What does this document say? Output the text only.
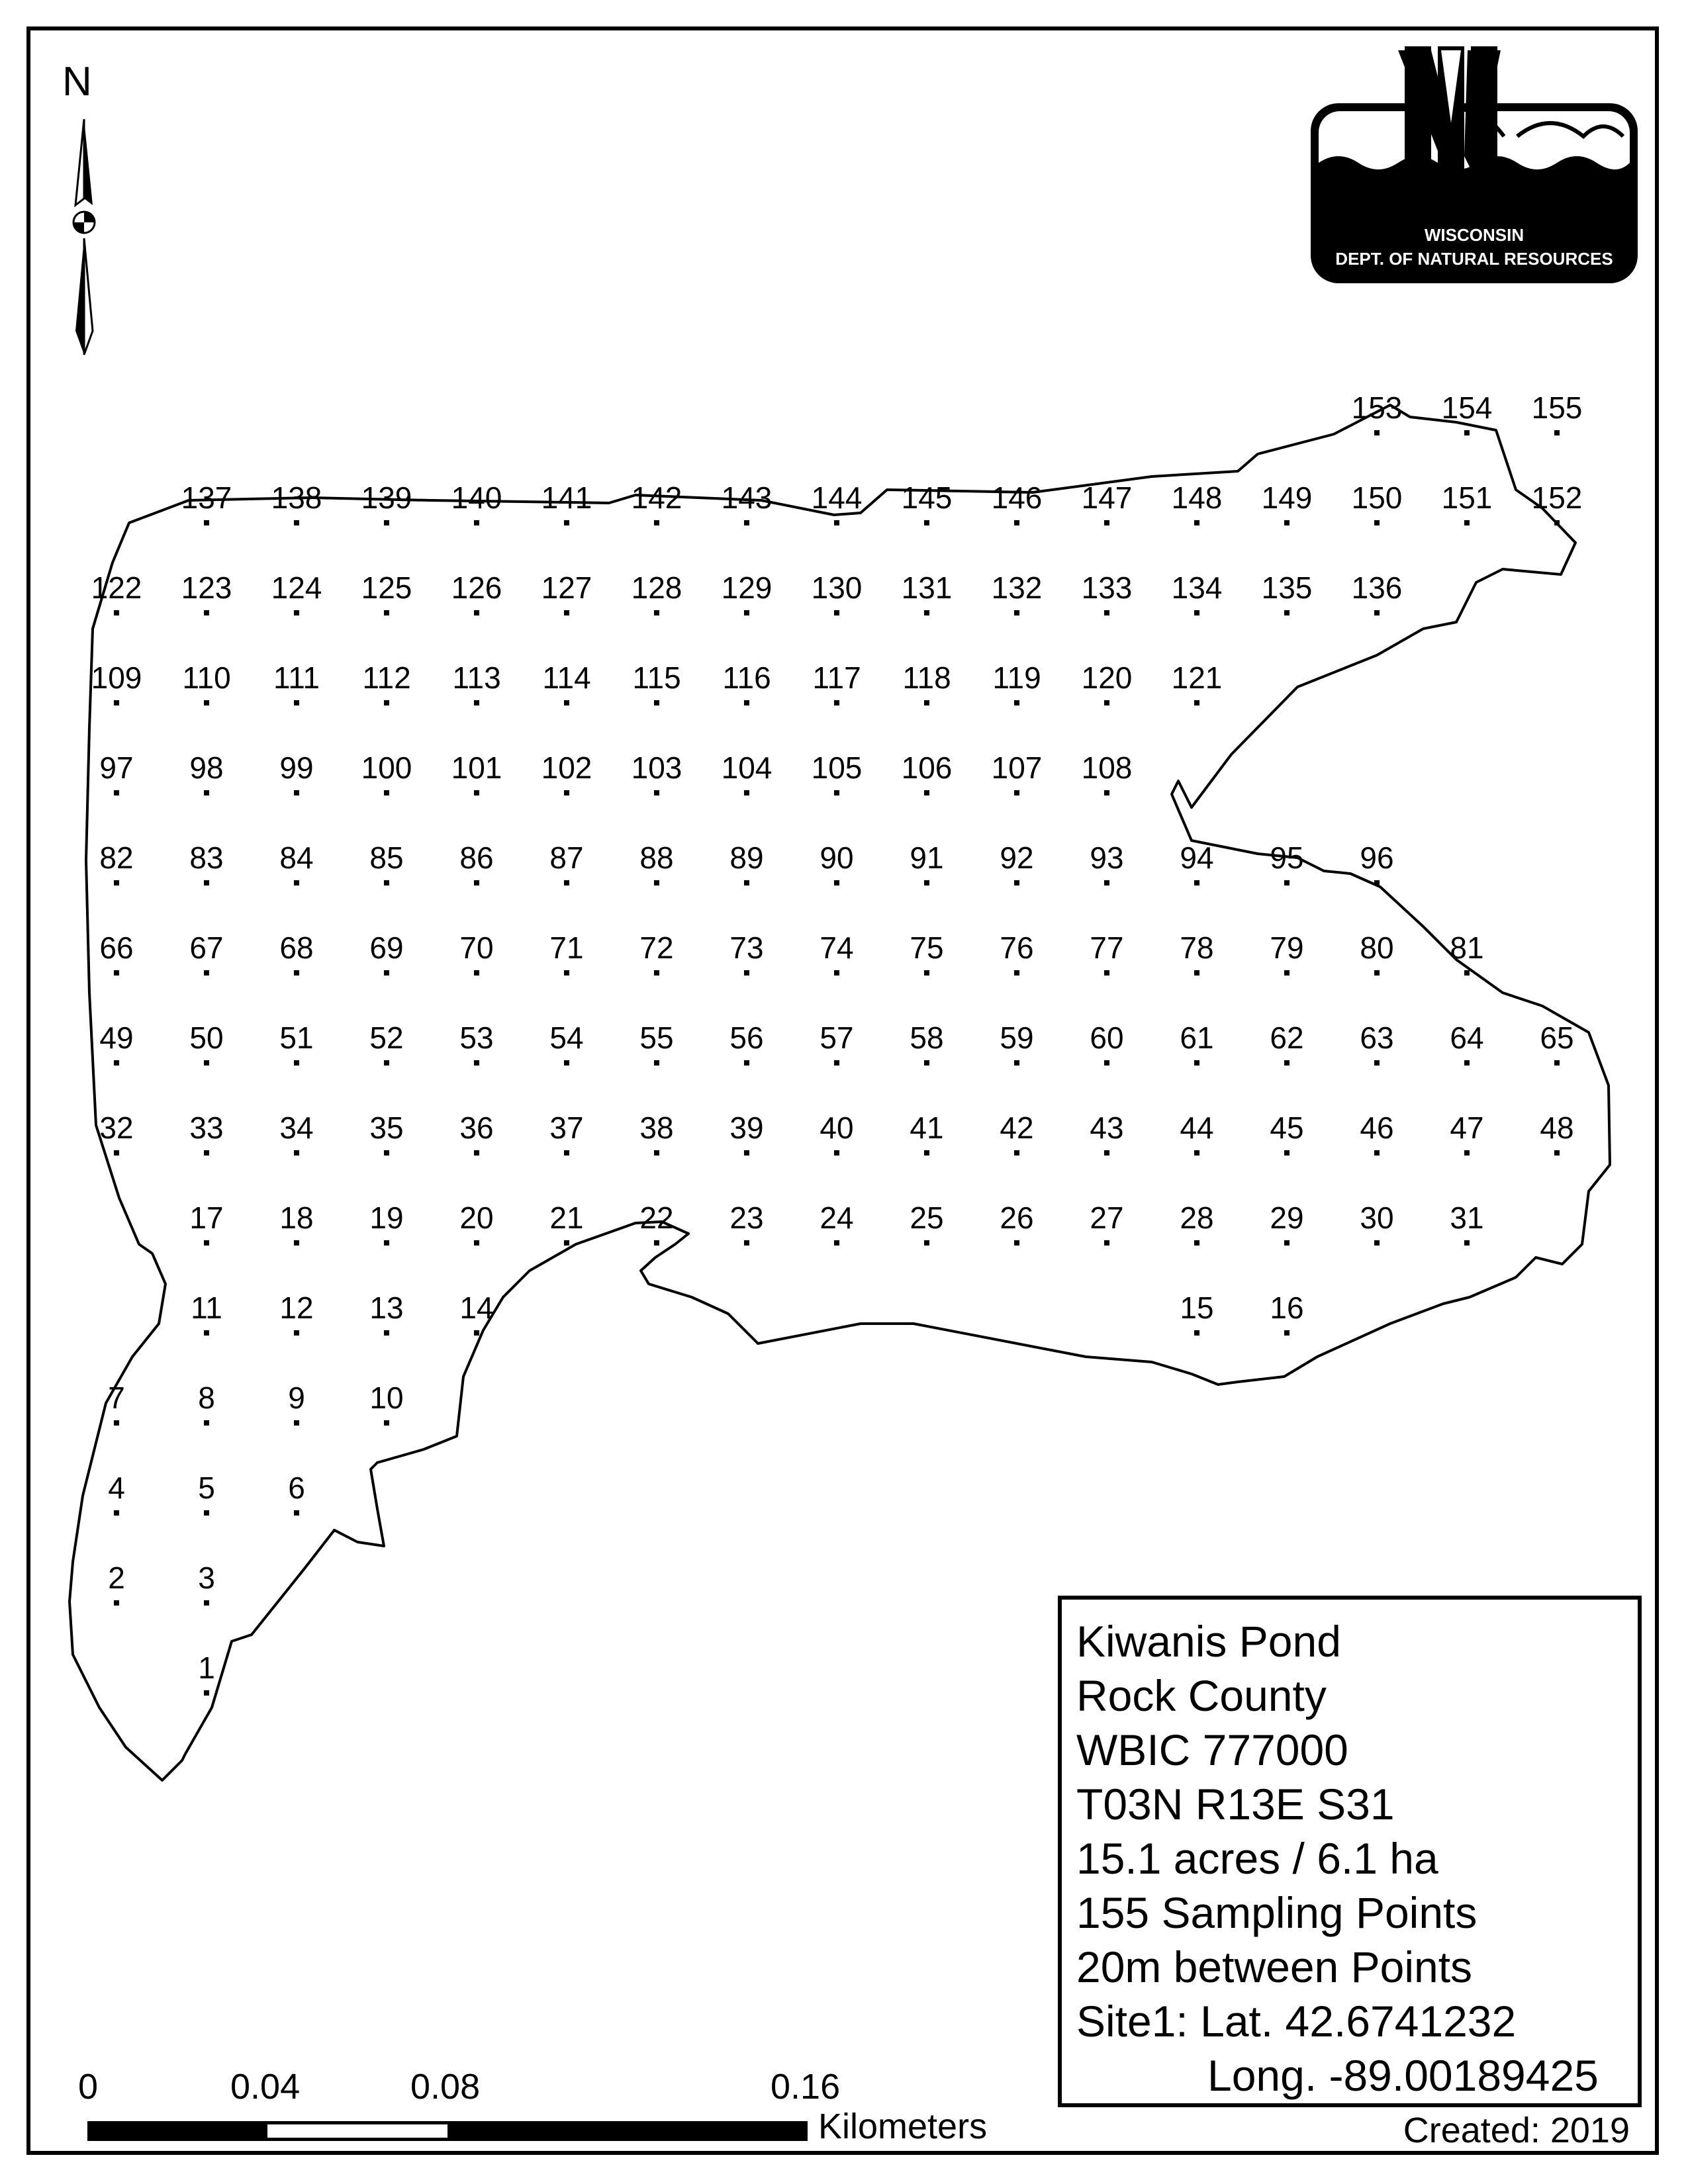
153 154 155
137 138 139 140 141 142 143 144 145 146 147 148 149 150 151 152
122 123 124 125 126 127 128 129 130 131 132 133 134 135 136
109 110 111 112 113 114 115 116 117 118 119 120 121
97 98 99 100 101 102 103 104 105 106 107 108
82 83 84 85 86 87 88 89 90 91 92 93 94 95 96
66 67 68 69 70 71 72 73 74 75 76 77 78 79 80 81
49 50 51 52 53 54 55 56 57 58 59 60 61 62 63 64 65
32 33 34 35 36 37 38 39 40 41 42 43 44 45 46 47 48
17 18 19 20 21 22 23 24 25 26 27 28 29 30 31
11 12 13 14	15 16
7 8 9 10
4 5 6
2 3
1
N
WISCONSIN
DEPT. OF NATURAL RESOURCES
Kiwanis Pond
Rock County
WBIC 777000
T03N R13E S31
15.1 acres / 6.1 ha
155 Sampling Points
20m between Points
Site1: Lat. 42.6741232
Long. -89.00189425
Created: 2019
0	0.04	0.08	0.16
Kilometers
